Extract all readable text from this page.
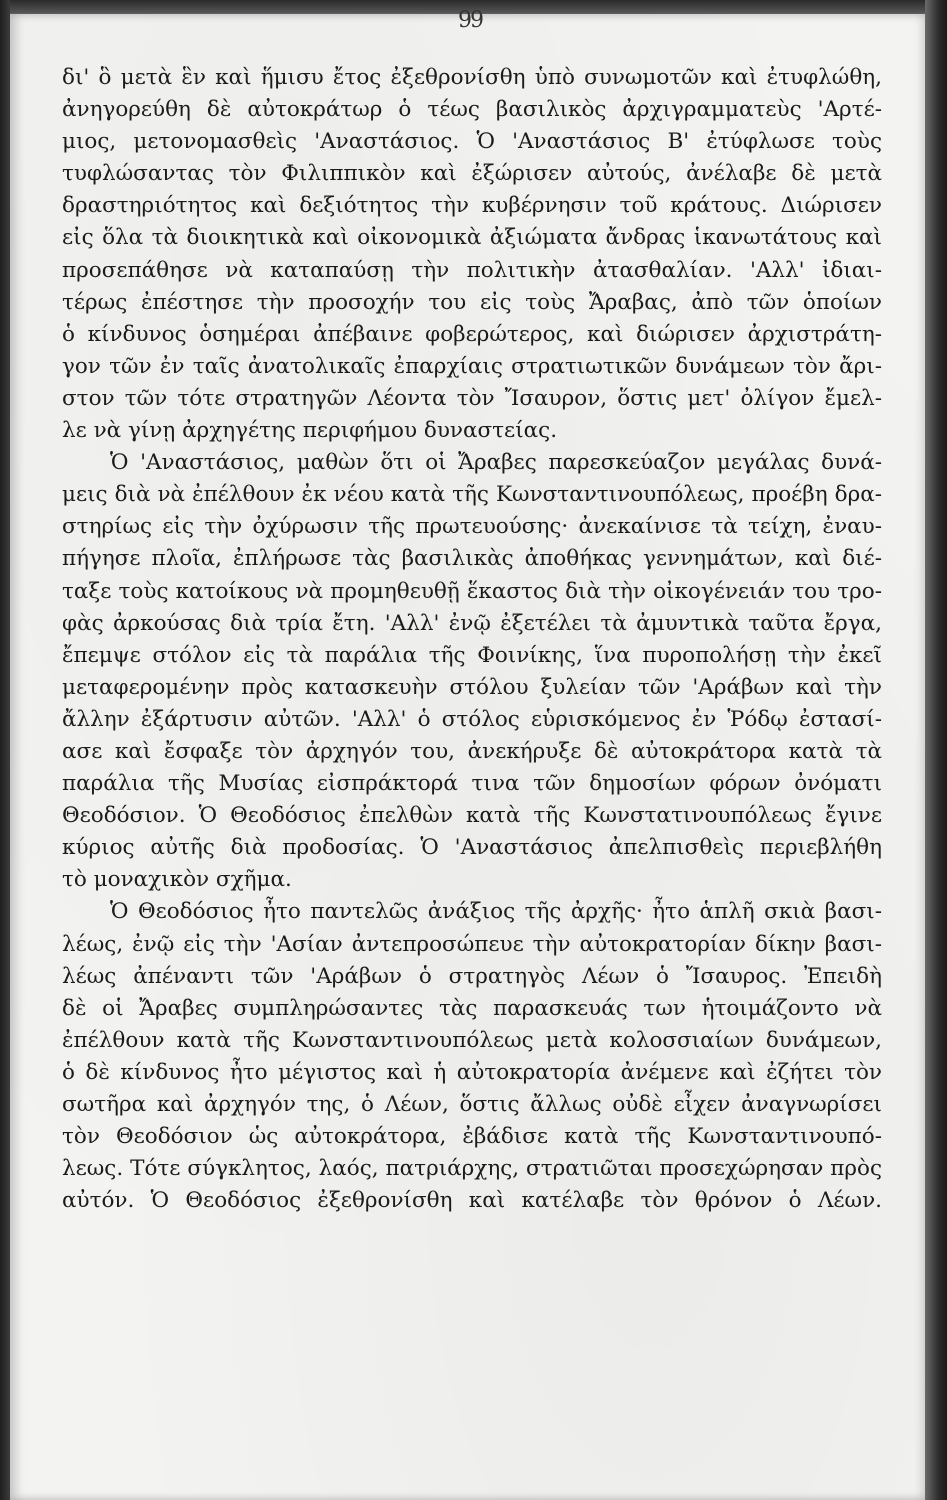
99
δι' ὃ μετὰ ἓν καὶ ἥμισυ ἔτος ἐξεθρονίσθη ὑπὸ συνωμοτῶν καὶ ἐτυφλώθη,
ἀνηγορεύθη δὲ αὐτοκράτωρ ὁ τέως βασιλικὸς ἀρχιγραμματεὺς 'Αρτέ-
μιος, μετονομασθεὶς 'Αναστάσιος. Ὁ 'Αναστάσιος Β' ἐτύφλωσε τοὺς
τυφλώσαντας τὸν Φιλιππικὸν καὶ ἐξώρισεν αὐτούς, ἀνέλαβε δὲ μετὰ
δραστηριότητος καὶ δεξιότητος τὴν κυβέρνησιν τοῦ κράτους. Διώρισεν
εἰς ὅλα τὰ διοικητικὰ καὶ οἰκονομικὰ ἀξιώματα ἄνδρας ἱκανωτάτους καὶ
προσεπάθησε νὰ καταπαύσῃ τὴν πολιτικὴν ἀτασθαλίαν. 'Αλλ' ἰδιαι-
τέρως ἐπέστησε τὴν προσοχήν του εἰς τοὺς Ἄραβας, ἀπὸ τῶν ὁποίων
ὁ κίνδυνος ὁσημέραι ἀπέβαινε φοβερώτερος, καὶ διώρισεν ἀρχιστράτη-
γον τῶν ἐν ταῖς ἀνατολικαῖς ἐπαρχίαις στρατιωτικῶν δυνάμεων τὸν ἄρι-
στον τῶν τότε στρατηγῶν Λέοντα τὸν Ἴσαυρον, ὅστις μετ' ὀλίγον ἔμελ-
λε νὰ γίνῃ ἀρχηγέτης περιφήμου δυναστείας.
Ὁ 'Αναστάσιος, μαθὼν ὅτι οἱ Ἄραβες παρεσκεύαζον μεγάλας δυνά-
μεις διὰ νὰ ἐπέλθουν ἐκ νέου κατὰ τῆς Κωνσταντινουπόλεως, προέβη δρα-
στηρίως εἰς τὴν ὀχύρωσιν τῆς πρωτευούσης· ἀνεκαίνισε τὰ τείχη, ἐναυ-
πήγησε πλοῖα, ἐπλήρωσε τὰς βασιλικὰς ἀποθήκας γεννημάτων, καὶ διέ-
ταξε τοὺς κατοίκους νὰ προμηθευθῇ ἕκαστος διὰ τὴν οἰκογένειάν του τρο-
φὰς ἀρκούσας διὰ τρία ἔτη. 'Αλλ' ἐνῷ ἐξετέλει τὰ ἀμυντικὰ ταῦτα ἔργα,
ἔπεμψε στόλον εἰς τὰ παράλια τῆς Φοινίκης, ἵνα πυροπολήσῃ τὴν ἐκεῖ
μεταφερομένην πρὸς κατασκευὴν στόλου ξυλείαν τῶν 'Αράβων καὶ τὴν
ἄλλην ἐξάρτυσιν αὐτῶν. 'Αλλ' ὁ στόλος εὑρισκόμενος ἐν Ῥόδῳ ἐστασί-
ασε καὶ ἔσφαξε τὸν ἀρχηγόν του, ἀνεκήρυξε δὲ αὐτοκράτορα κατὰ τὰ
παράλια τῆς Μυσίας εἰσπράκτορά τινα τῶν δημοσίων φόρων ὀνόματι
Θεοδόσιον. Ὁ Θεοδόσιος ἐπελθὼν κατὰ τῆς Κωνστατινουπόλεως ἔγινε
κύριος αὐτῆς διὰ προδοσίας. Ὁ 'Αναστάσιος ἀπελπισθεὶς περιεβλήθη
τὸ μοναχικὸν σχῆμα.
Ὁ Θεοδόσιος ἦτο παντελῶς ἀνάξιος τῆς ἀρχῆς· ἦτο ἁπλῆ σκιὰ βασι-
λέως, ἐνῷ εἰς τὴν 'Ασίαν ἀντεπροσώπευε τὴν αὐτοκρατορίαν δίκην βασι-
λέως ἀπέναντι τῶν 'Αράβων ὁ στρατηγὸς Λέων ὁ Ἴσαυρος. Ἐπειδὴ
δὲ οἱ Ἄραβες συμπληρώσαντες τὰς παρασκευάς των ἡτοιμάζοντο νὰ
ἐπέλθουν κατὰ τῆς Κωνσταντινουπόλεως μετὰ κολοσσιαίων δυνάμεων,
ὁ δὲ κίνδυνος ἦτο μέγιστος καὶ ἡ αὐτοκρατορία ἀνέμενε καὶ ἐζήτει τὸν
σωτῆρα καὶ ἀρχηγόν της, ὁ Λέων, ὅστις ἄλλως οὐδὲ εἶχεν ἀναγνωρίσει
τὸν Θεοδόσιον ὡς αὐτοκράτορα, ἐβάδισε κατὰ τῆς Κωνσταντινουπό-
λεως. Τότε σύγκλητος, λαός, πατριάρχης, στρατιῶται προσεχώρησαν πρὸς
αὐτόν. Ὁ Θεοδόσιος ἐξεθρονίσθη καὶ κατέλαβε τὸν θρόνον ὁ Λέων.
